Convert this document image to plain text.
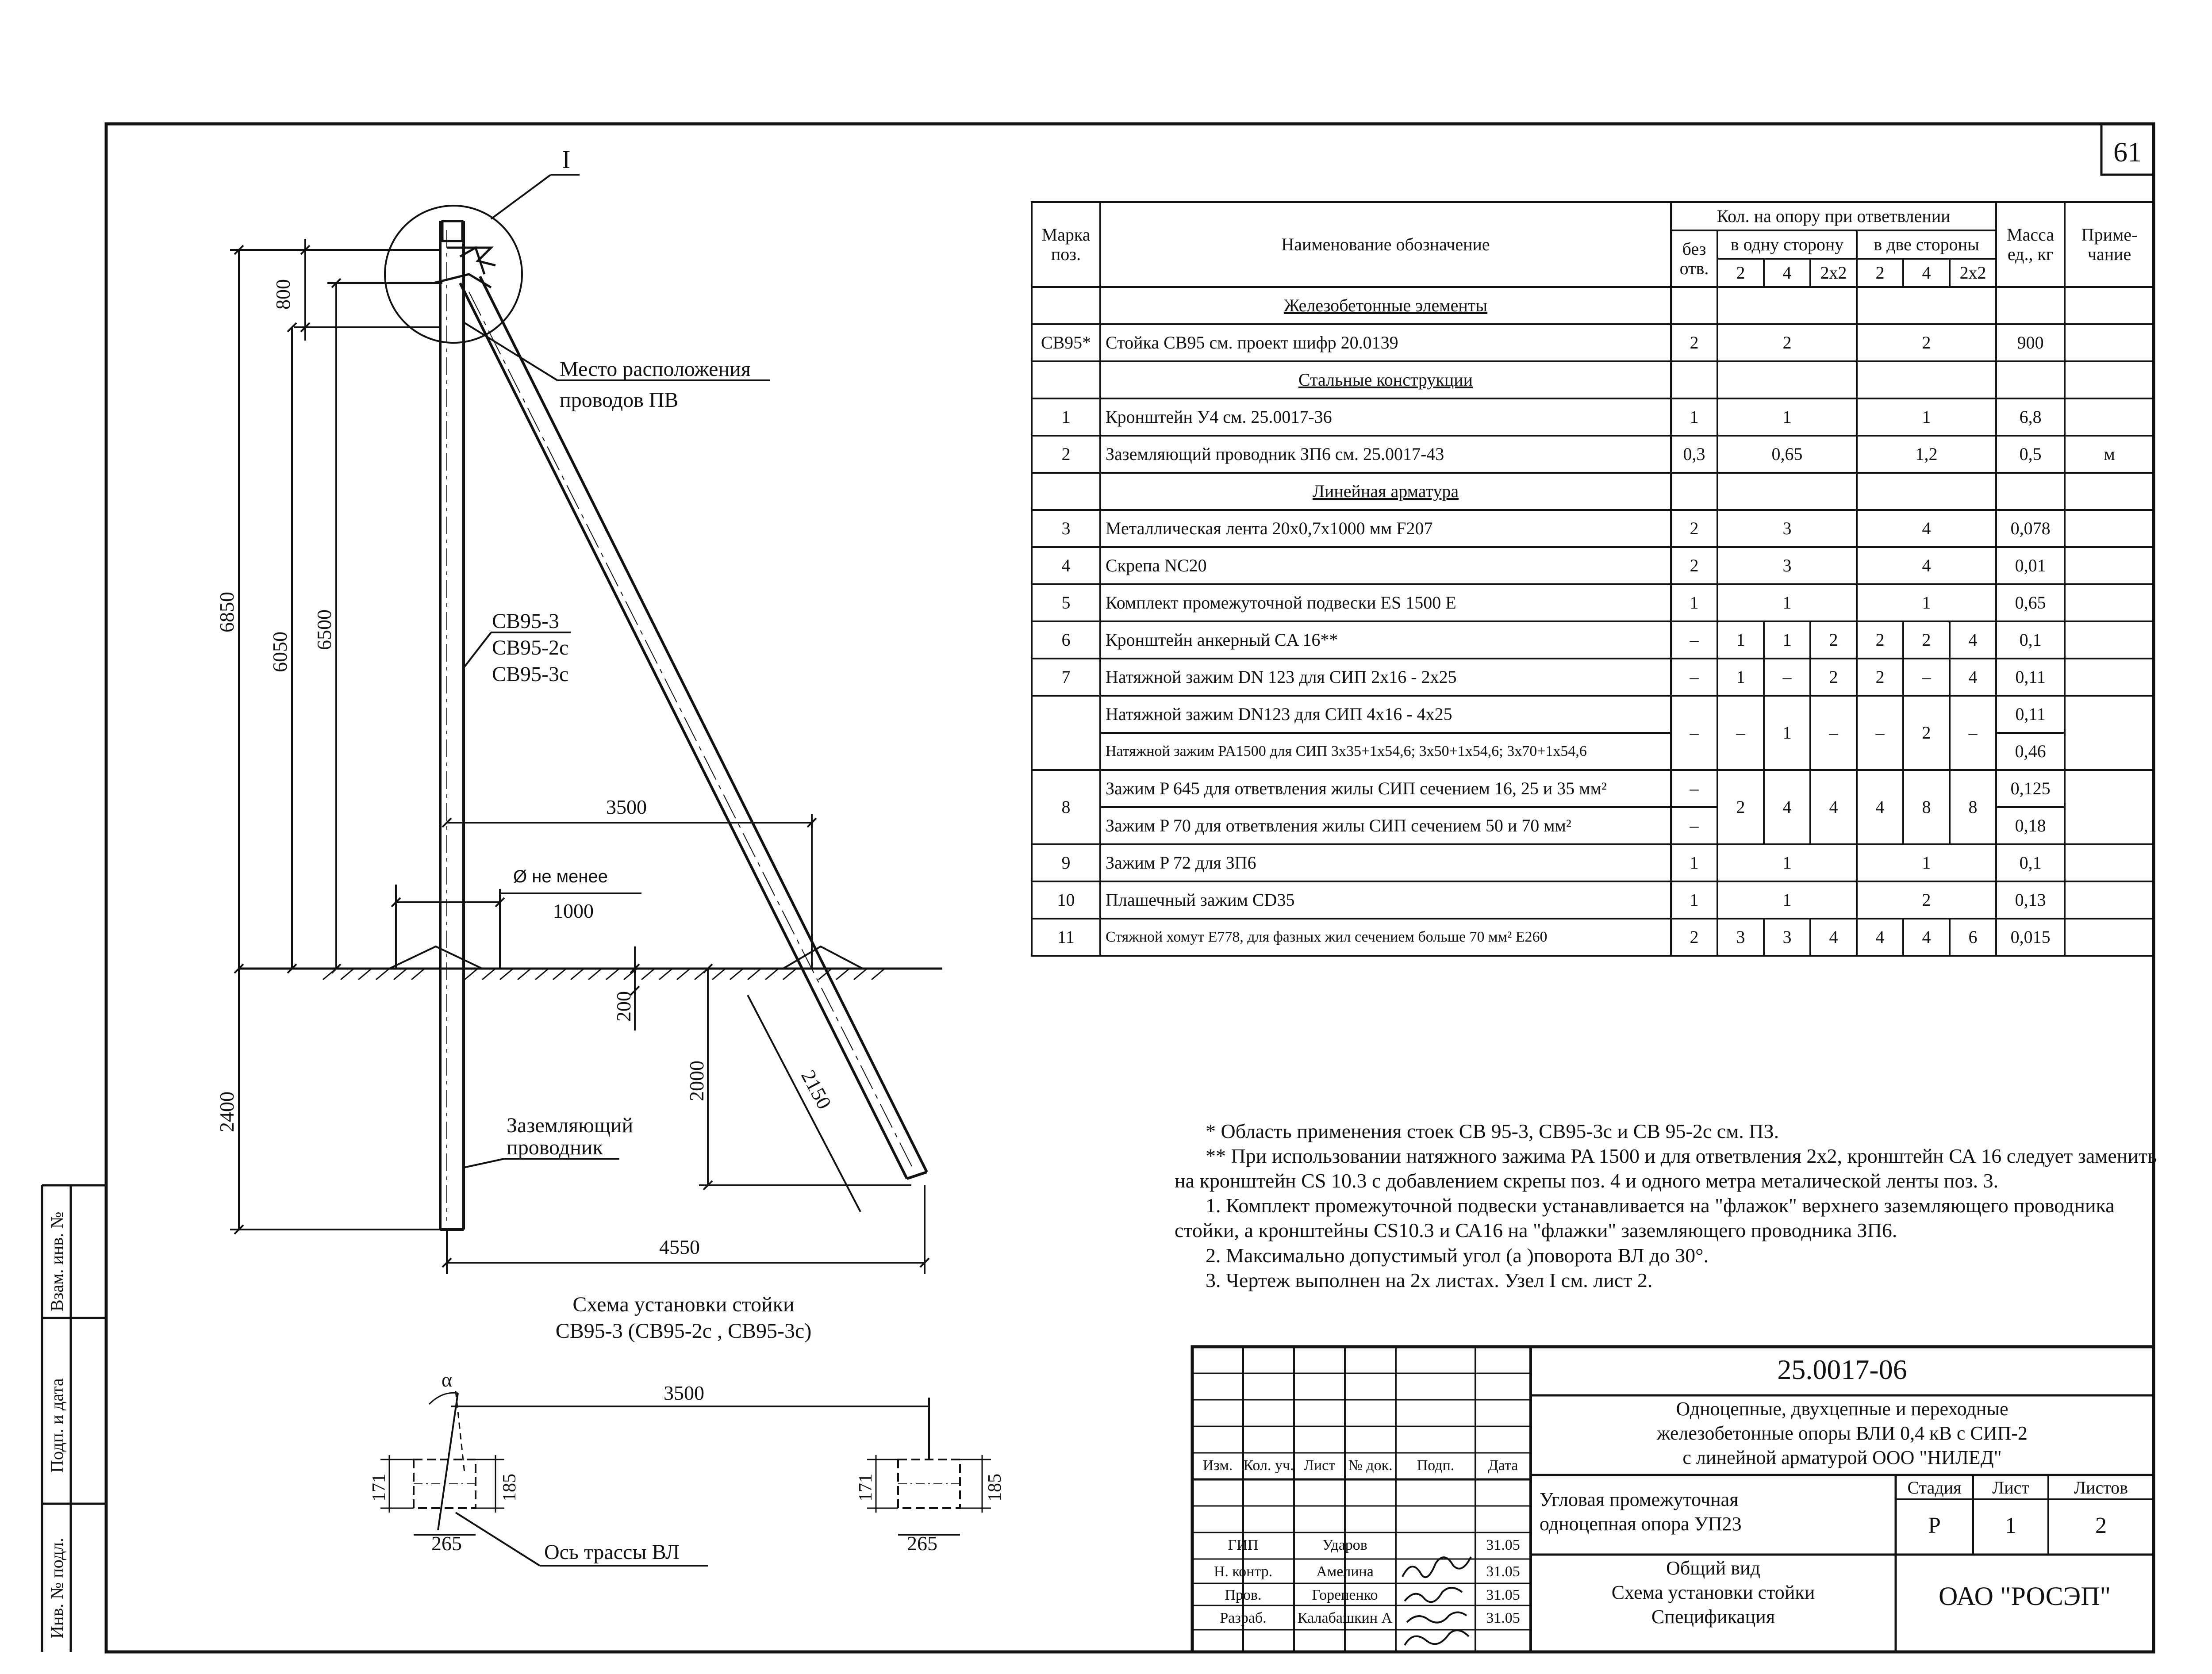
61
Взам. инв. №
Подп. и дата
Инв. № подл.
I
Место расположения
проводов ПВ
СВ95-3
СВ95-2с
СВ95-3с
Заземляющий
проводник
800
6850
6050
6500
3500
Ø не менее
1000
200
2400
2000	2150
4550
Схема установки стойки
СВ95-3 (СВ95-2с , СВ95-3с)
α
3500
171	185	171	185
265	265
Ось трассы ВЛ
Марка поз.	Наименование обозначение	Кол. на опору при ответвлении							Масса ед., кг	Приме- чание
		без отв.	в одну сторону			в две стороны				
			2	4	2х2	2	4	2х2		
	Железобетонные элементы									
СВ95*	Стойка СВ95 см. проект шифр 20.0139	2	2			2			900	
	Стальные конструкции									
1	Кронштейн У4 см. 25.0017-36	1	1			1			6,8	
2	Заземляющий проводник ЗП6 см. 25.0017-43	0,3	0,65			1,2			0,5	м
	Линейная арматура									
3	Металлическая лента 20х0,7х1000 мм F207	2	3			4			0,078	
4	Скрепа NC20	2	3			4			0,01	
5	Комплект промежуточной подвески ES 1500 E	1	1			1			0,65	
6	Кронштейн анкерный CA 16**	–	1	1	2	2	2	4	0,1	
7	Натяжной зажим DN 123 для СИП 2х16 - 2х25	–	1	–	2	2	–	4	0,11	
	Натяжной зажим DN123 для СИП 4х16 - 4х25	–	–	1	–	–	2	–	0,11	
	Натяжной зажим PA1500 для СИП 3х35+1х54,6; 3х50+1х54,6; 3х70+1х54,6								0,46	
8	Зажим P 645 для ответвления жилы СИП сечением 16, 25 и 35 мм²	–	2	4	4	4	8	8	0,125	
	Зажим P 70 для ответвления жилы СИП сечением 50 и 70 мм²	–							0,18	
9	Зажим P 72 для ЗП6	1	1			1			0,1	
10	Плашечный зажим CD35	1	1			2			0,13	
11	Стяжной хомут E778, для фазных жил сечением больше 70 мм² E260	2	3	3	4	4	4	6	0,015	

* Область применения стоек СВ 95-3, СВ95-3с и СВ 95-2с см. ПЗ.

** При использовании натяжного зажима PA 1500 и для ответвления 2х2, кронштейн СА 16 следует заменить на кронштейн CS 10.3 с добавлением скрепы поз. 4 и одного метра металической ленты поз. 3.

1. Комплект промежуточной подвески устанавливается на "флажок" верхнего заземляющего проводника стойки, а кронштейны CS10.3 и СА16 на "флажки" заземляющего проводника ЗП6.

2. Максимально допустимый угол (а )поворота ВЛ до 30°.

3. Чертеж выполнен на 2х листах. Узел I см. лист 2.

25.0017-06
Одноцепные, двухцепные и переходные
железобетонные опоры ВЛИ 0,4 кВ с СИП-2
с линейной арматурой ООО "НИЛЕД"
Угловая промежуточная
одноцепная опора УП23
Общий вид
Схема установки стойки
Спецификация
Стадия	Лист	Листов
Р	1	2
ОАО "РОСЭП"
Изм. Кол. уч. Лист № док.	Подп.	Дата
ГИП	Ударов	31.05
Н. контр.	Амелина	31.05
Пров.	Горепенко	31.05
Разраб.	Калабашкин А	31.05
